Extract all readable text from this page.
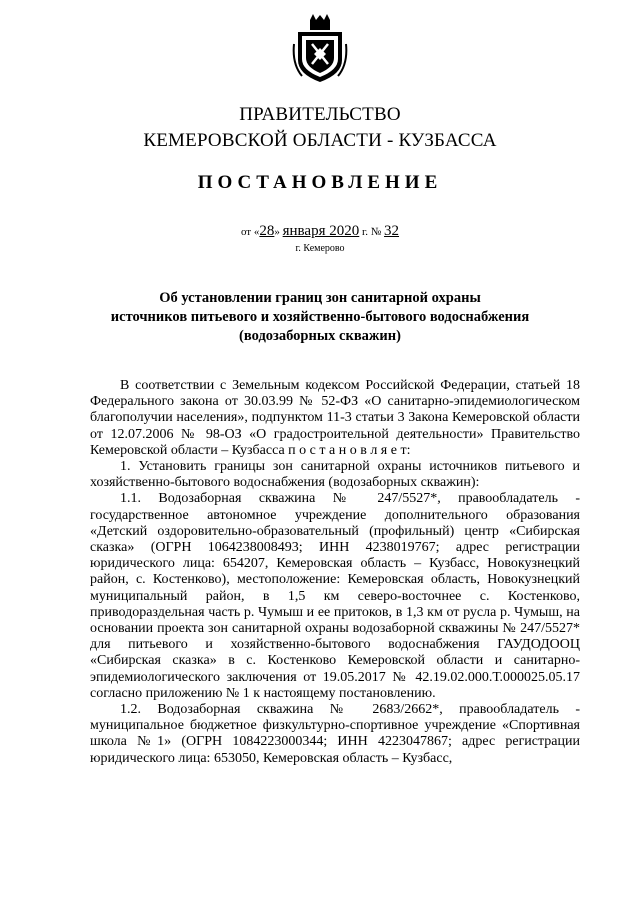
ПРАВИТЕЛЬСТВО
КЕМЕРОВСКОЙ ОБЛАСТИ - КУЗБАССА
ПОСТАНОВЛЕНИЕ
от «28» января 2020 г. № 32
г. Кемерово
Об установлении границ зон санитарной охраны
источников питьевого и хозяйственно-бытового водоснабжения
(водозаборных скважин)

В соответствии с Земельным кодексом Российской Федерации, статьей 18 Федерального закона от 30.03.99 № 52-ФЗ «О санитарно-эпидемиологическом благополучии населения», подпунктом 11-3 статьи 3 Закона Кемеровской области от 12.07.2006 № 98-ОЗ «О градостроительной деятельности» Правительство Кемеровской области – Кузбасса п о с т а н о в л я е т:

1. Установить границы зон санитарной охраны источников питьевого и хозяйственно-бытового водоснабжения (водозаборных скважин):

1.1. Водозаборная скважина № 247/5527*, правообладатель - государственное автономное учреждение дополнительного образования «Детский оздоровительно-образовательный (профильный) центр «Сибирская сказка» (ОГРН 1064238008493; ИНН 4238019767; адрес регистрации юридического лица: 654207, Кемеровская область – Кузбасс, Новокузнецкий район, с. Костенково), местоположение: Кемеровская область, Новокузнецкий муниципальный район, в 1,5 км северо-восточнее с. Костенково, приводораздельная часть р. Чумыш и ее притоков, в 1,3 км от русла р. Чумыш, на основании проекта зон санитарной охраны водозаборной скважины № 247/5527* для питьевого и хозяйственно-бытового водоснабжения ГАУДОДООЦ «Сибирская сказка» в с. Костенково Кемеровской области и санитарно-эпидемиологического заключения от 19.05.2017 № 42.19.02.000.Т.000025.05.17 согласно приложению № 1 к настоящему постановлению.

1.2. Водозаборная скважина № 2683/2662*, правообладатель - муниципальное бюджетное физкультурно-спортивное учреждение «Спортивная школа №1» (ОГРН 1084223000344; ИНН 4223047867; адрес регистрации юридического лица: 653050, Кемеровская область – Кузбасс,
